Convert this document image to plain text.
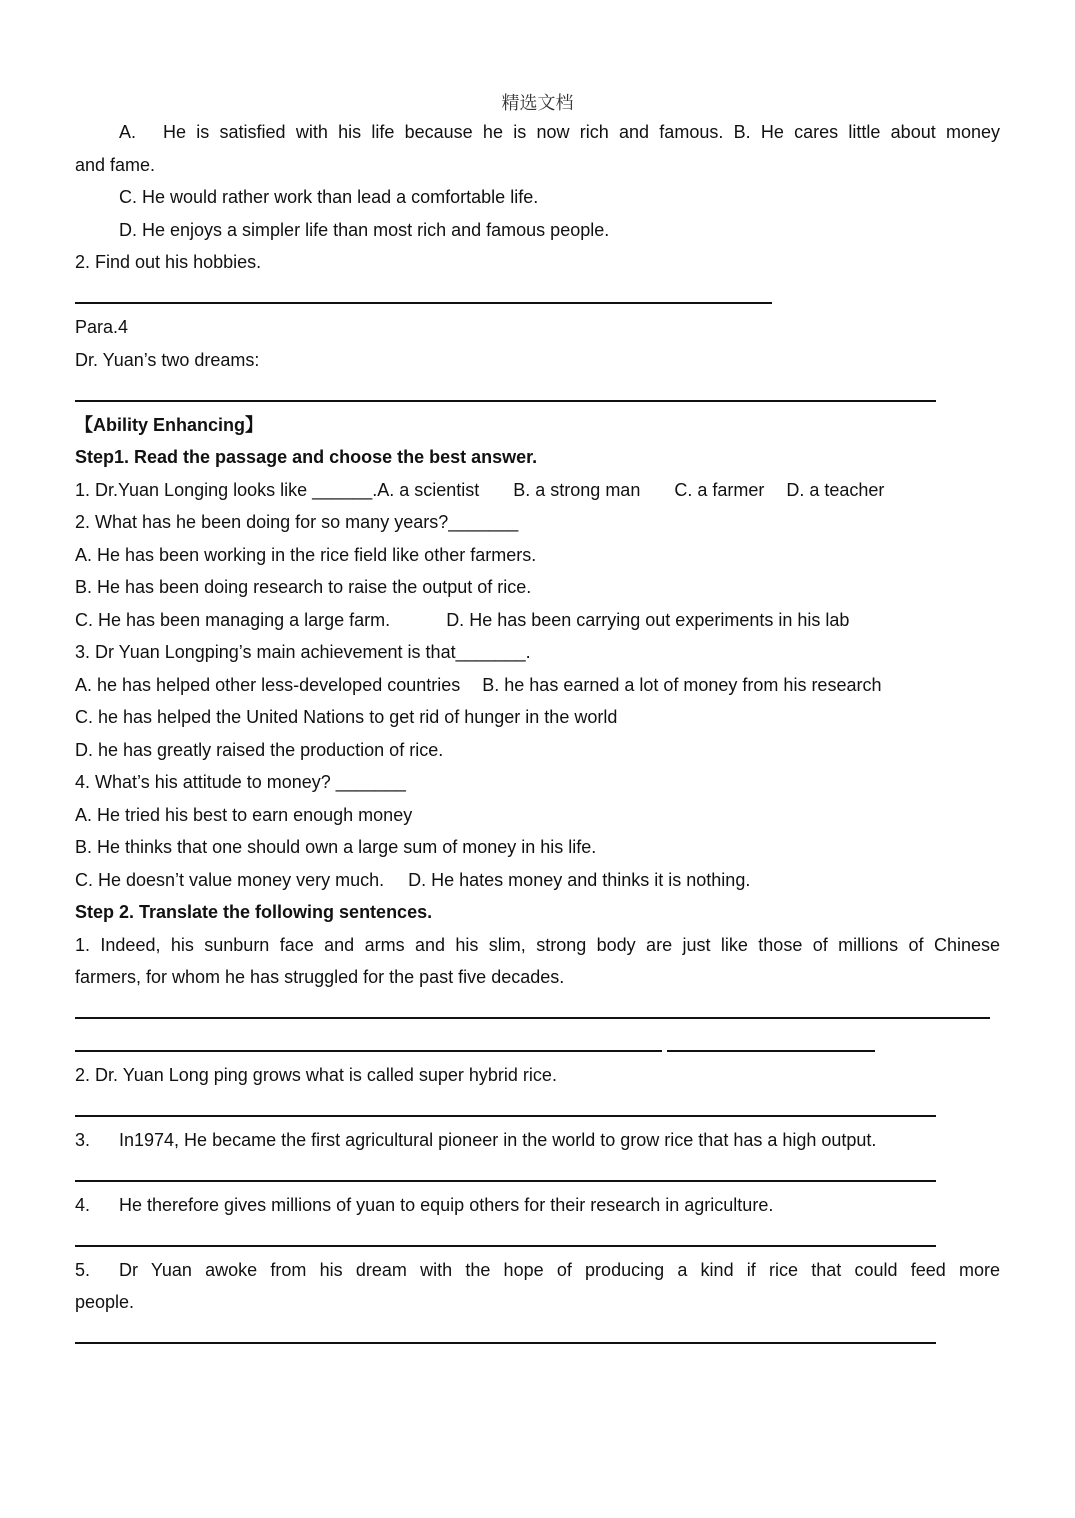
精选文档
A. He is satisfied with his life because he is now rich and famous. B. He cares little about money
and fame.
C. He would rather work than lead a comfortable life.
D. He enjoys a simpler life than most rich and famous people.
2. Find out his hobbies.
Para.4
Dr. Yuan’s two dreams:
【Ability Enhancing】
Step1. Read the passage and choose the best answer.
1. Dr.Yuan Longing looks like ______.A. a scientist B. a strong man C. a farmer D. a teacher
2. What has he been doing for so many years?_______
A. He has been working in the rice field like other farmers.
B. He has been doing research to raise the output of rice.
C. He has been managing a large farm.	D. He has been carrying out experiments in his lab
3. Dr Yuan Longping’s main achievement is that_______.
A. he has helped other less-developed countries B. he has earned a lot of money from his research
C. he has helped the United Nations to get rid of hunger in the world
D. he has greatly raised the production of rice.
4. What’s his attitude to money? _______
A. He tried his best to earn enough money
B. He thinks that one should own a large sum of money in his life.
C. He doesn’t value money very much. D. He hates money and thinks it is nothing.
Step 2. Translate the following sentences.
1. Indeed, his sunburn face and arms and his slim, strong body are just like those of millions of Chinese
farmers, for whom he has struggled for the past five decades.
2. Dr. Yuan Long ping grows what is called super hybrid rice.
3. In1974, He became the first agricultural pioneer in the world to grow rice that has a high output.
4. He therefore gives millions of yuan to equip others for their research in agriculture.
5. Dr Yuan awoke from his dream with the hope of producing a kind if rice that could feed more
people.
